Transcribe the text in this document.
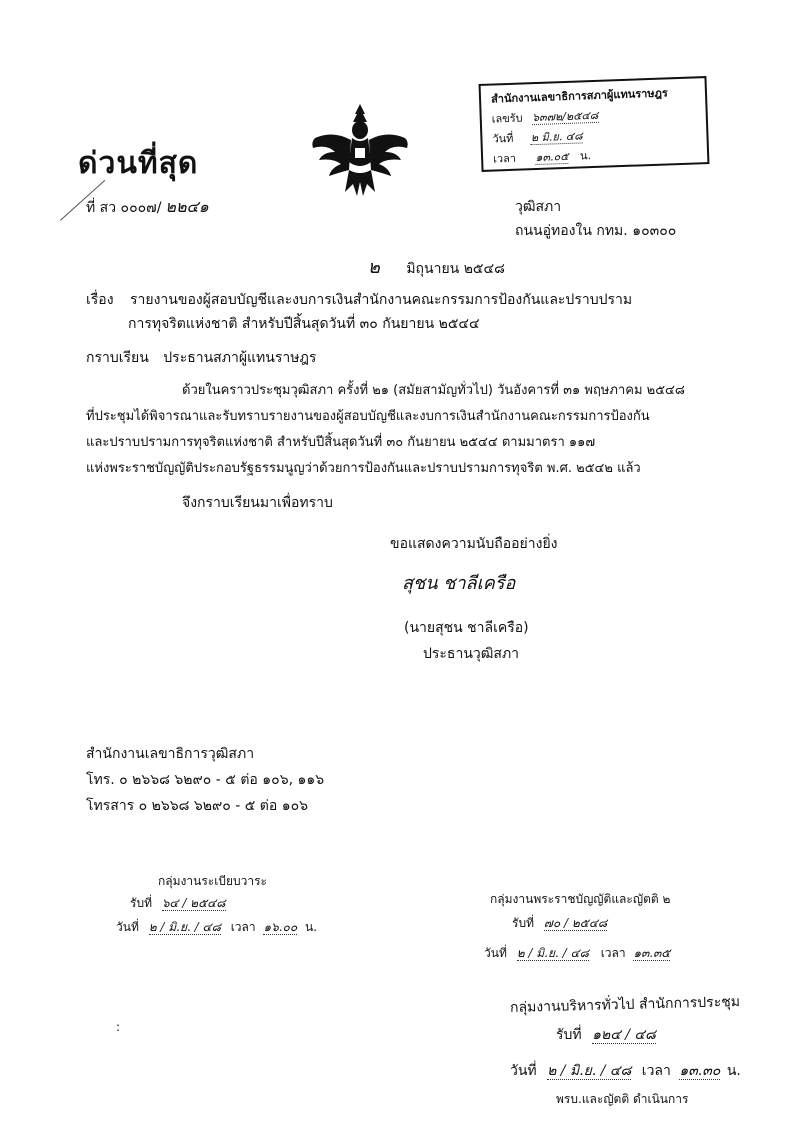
ด่วนที่สุด
สำนักงานเลขาธิการสภาผู้แทนราษฎร
เลขรับ ๖๓๗๒/๒๕๔๘
วันที่ ๒ มิ.ย. ๔๘
เวลา ๑๓.๐๕ น.
ที่ สว ๐๐๐๗/ ๒๒๔๑	วุฒิสภา
ถนนอู่ทองใน กทม. ๑๐๓๐๐
๒ มิถุนายน ๒๕๔๘
เรื่อง รายงานของผู้สอบบัญชีและงบการเงินสำนักงานคณะกรรมการป้องกันและปราบปราม
การทุจริตแห่งชาติ สำหรับปีสิ้นสุดวันที่ ๓๐ กันยายน ๒๕๔๔
กราบเรียน ประธานสภาผู้แทนราษฎร
ด้วยในคราวประชุมวุฒิสภา ครั้งที่ ๒๑ (สมัยสามัญทั่วไป) วันอังคารที่ ๓๑ พฤษภาคม ๒๕๔๘
ที่ประชุมได้พิจารณาและรับทราบรายงานของผู้สอบบัญชีและงบการเงินสำนักงานคณะกรรมการป้องกัน
และปราบปรามการทุจริตแห่งชาติ สำหรับปีสิ้นสุดวันที่ ๓๐ กันยายน ๒๕๔๔ ตามมาตรา ๑๑๗
แห่งพระราชบัญญัติประกอบรัฐธรรมนูญว่าด้วยการป้องกันและปราบปรามการทุจริต พ.ศ. ๒๕๔๒ แล้ว
จึงกราบเรียนมาเพื่อทราบ
ขอแสดงความนับถืออย่างยิ่ง
สุชน ชาลีเครือ
(นายสุชน ชาลีเครือ)
ประธานวุฒิสภา
สำนักงานเลขาธิการวุฒิสภา
โทร. ๐ ๒๖๖๘ ๖๒๙๐ - ๕ ต่อ ๑๐๖, ๑๑๖
โทรสาร ๐ ๒๖๖๘ ๖๒๙๐ - ๕ ต่อ ๑๐๖
กลุ่มงานระเบียบวาระ
รับที่ ๖๔ / ๒๕๔๘
วันที่ ๒ / มิ.ย. / ๔๘ เวลา ๑๖.๐๐ น.
กลุ่มงานพระราชบัญญัติและญัตติ ๒
รับที่ ๗๐ / ๒๕๔๘
วันที่ ๒ / มิ.ย. / ๔๘ เวลา ๑๓.๓๕
กลุ่มงานบริหารทั่วไป สำนักการประชุม
รับที่ ๑๒๔ / ๔๘
วันที่ ๒ / มิ.ย. / ๔๘ เวลา ๑๓.๓๐ น.
พรบ.และญัตติ ดำเนินการ
:
